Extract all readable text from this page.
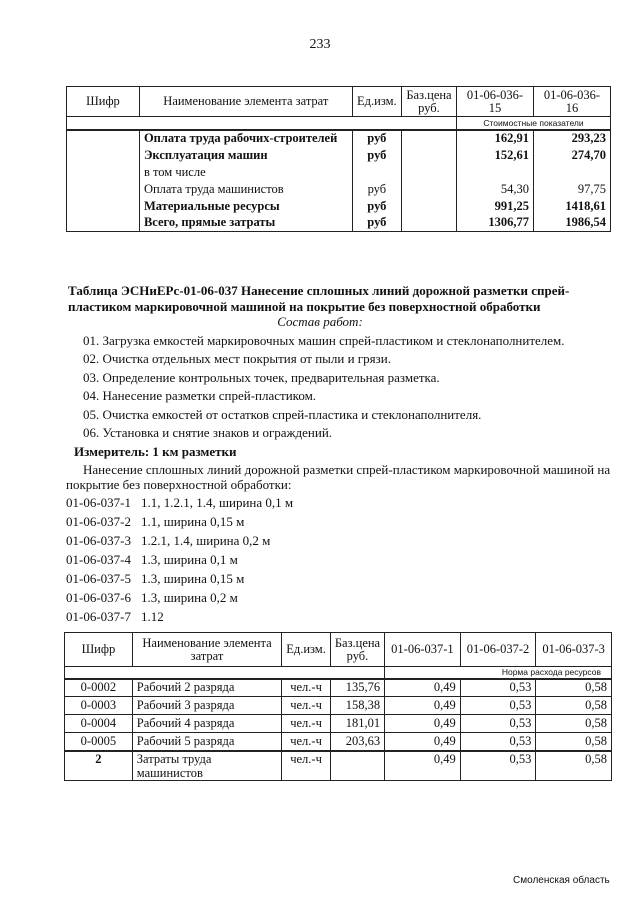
233
Шифр	Наименование элемента затрат	Ед.изм.	Баз.цена руб.	01-06-036-15	01-06-036-16
				Стоимостные показатели	
	Оплата труда рабочих-строителей	руб		162,91	293,23
	Эксплуатация машин	руб		152,61	274,70
	в том числе				
	Оплата труда машинистов	руб		54,30	97,75
	Материальные ресурсы	руб		991,25	1418,61
	Всего, прямые затраты	руб		1306,77	1986,54
Таблица ЭСНиЕРс-01-06-037 Нанесение сплошных линий дорожной разметки спрей-
пластиком маркировочной машиной на покрытие без поверхностной обработки
Состав работ:
01. Загрузка емкостей маркировочных машин спрей-пластиком и стеклонаполнителем.
02. Очистка отдельных мест покрытия от пыли и грязи.
03. Определение контрольных точек, предварительная разметка.
04. Нанесение разметки спрей-пластиком.
05. Очистка емкостей от остатков спрей-пластика и стеклонаполнителя.
06. Установка и снятие знаков и ограждений.
Измеритель: 1 км разметки
Нанесение сплошных линий дорожной разметки спрей-пластиком маркировочной машиной на
покрытие без поверхностной обработки:
01-06-037-1 1.1, 1.2.1, 1.4, ширина 0,1 м
01-06-037-2 1.1, ширина 0,15 м
01-06-037-3 1.2.1, 1.4, ширина 0,2 м
01-06-037-4 1.3, ширина 0,1 м
01-06-037-5 1.3, ширина 0,15 м
01-06-037-6 1.3, ширина 0,2 м
01-06-037-7 1.12
Шифр	Наименование элемента затрат	Ед.изм.	Баз.цена руб.	01-06-037-1	01-06-037-2	01-06-037-3
				Норма расхода ресурсов		
0-0002	Рабочий 2 разряда	чел.-ч	135,76	0,49	0,53	0,58
0-0003	Рабочий 3 разряда	чел.-ч	158,38	0,49	0,53	0,58
0-0004	Рабочий 4 разряда	чел.-ч	181,01	0,49	0,53	0,58
0-0005	Рабочий 5 разряда	чел.-ч	203,63	0,49	0,53	0,58
2	Затраты труда машинистов	чел.-ч		0,49	0,53	0,58
Смоленская область
